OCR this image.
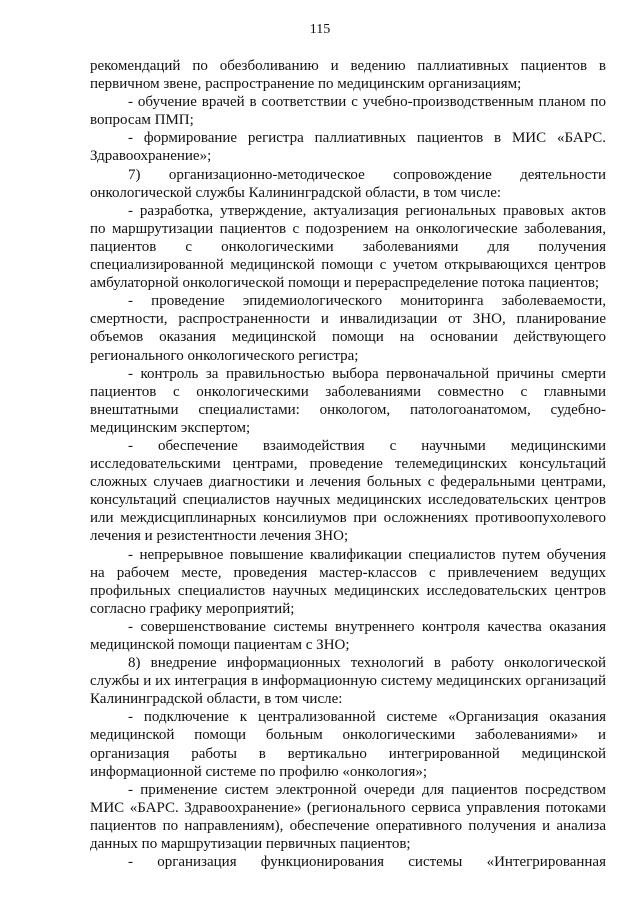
115

рекомендаций по обезболиванию и ведению паллиативных пациентов в первичном звене, распространение по медицинским организациям;

- обучение врачей в соответствии с учебно-производственным планом по вопросам ПМП;

- формирование регистра паллиативных пациентов в МИС «БАРС. Здравоохранение»;

7) организационно-методическое сопровождение деятельности онкологической службы Калининградской области, в том числе:

- разработка, утверждение, актуализация региональных правовых актов по маршрутизации пациентов с подозрением на онкологические заболевания, пациентов с онкологическими заболеваниями для получения специализированной медицинской помощи с учетом открывающихся центров амбулаторной онкологической помощи и перераспределение потока пациентов;

- проведение эпидемиологического мониторинга заболеваемости, смертности, распространенности и инвалидизации от ЗНО, планирование объемов оказания медицинской помощи на основании действующего регионального онкологического регистра;

- контроль за правильностью выбора первоначальной причины смерти пациентов с онкологическими заболеваниями совместно с главными внештатными специалистами: онкологом, патологоанатомом, судебно-медицинским экспертом;

- обеспечение взаимодействия с научными медицинскими исследовательскими центрами, проведение телемедицинских консультаций сложных случаев диагностики и лечения больных с федеральными центрами, консультаций специалистов научных медицинских исследовательских центров или междисциплинарных консилиумов при осложнениях противоопухолевого лечения и резистентности лечения ЗНО;

- непрерывное повышение квалификации специалистов путем обучения на рабочем месте, проведения мастер-классов с привлечением ведущих профильных специалистов научных медицинских исследовательских центров согласно графику мероприятий;

- совершенствование системы внутреннего контроля качества оказания медицинской помощи пациентам с ЗНО;

8) внедрение информационных технологий в работу онкологической службы и их интеграция в информационную систему медицинских организаций Калининградской области, в том числе:

- подключение к централизованной системе «Организация оказания медицинской помощи больным онкологическими заболеваниями» и организация работы в вертикально интегрированной медицинской информационной системе по профилю «онкология»;

- применение систем электронной очереди для пациентов посредством МИС «БАРС. Здравоохранение» (регионального сервиса управления потоками пациентов по направлениям), обеспечение оперативного получения и анализа данных по маршрутизации первичных пациентов;

- организация функционирования системы «Интегрированная
